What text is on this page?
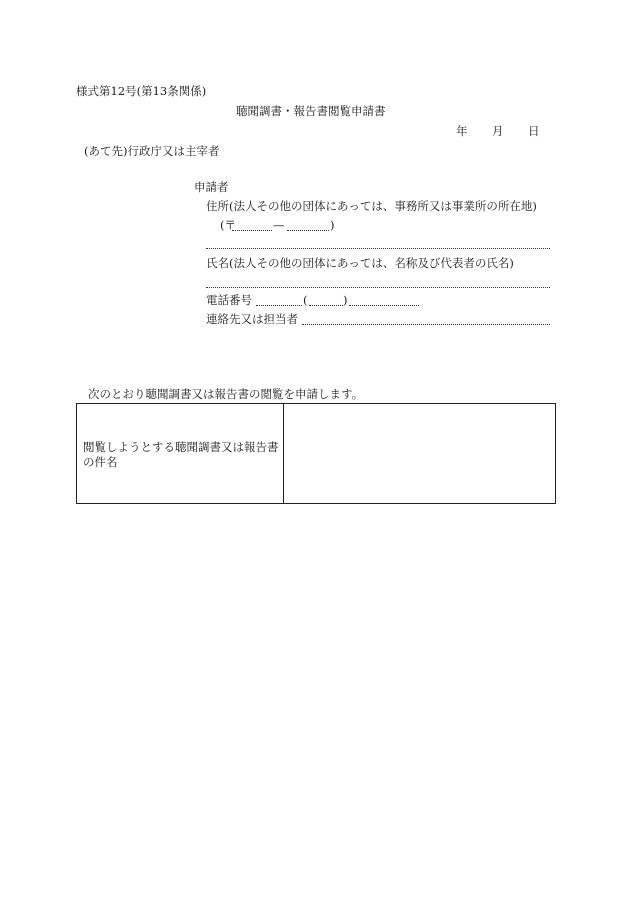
様式第12号(第13条関係)
聴聞調書・報告書閲覧申請書
年 月 日
(あて先)行政庁又は主宰者
申請者
住所(法人その他の団体にあっては、事務所又は事業所の所在地)
(〒	—	)
氏名(法人その他の団体にあっては、名称及び代表者の氏名)
電話番号	(	)
連絡先又は担当者
次のとおり聴聞調書又は報告書の閲覧を申請します。
閲覧しようとする聴聞調書又は報告書の件名
